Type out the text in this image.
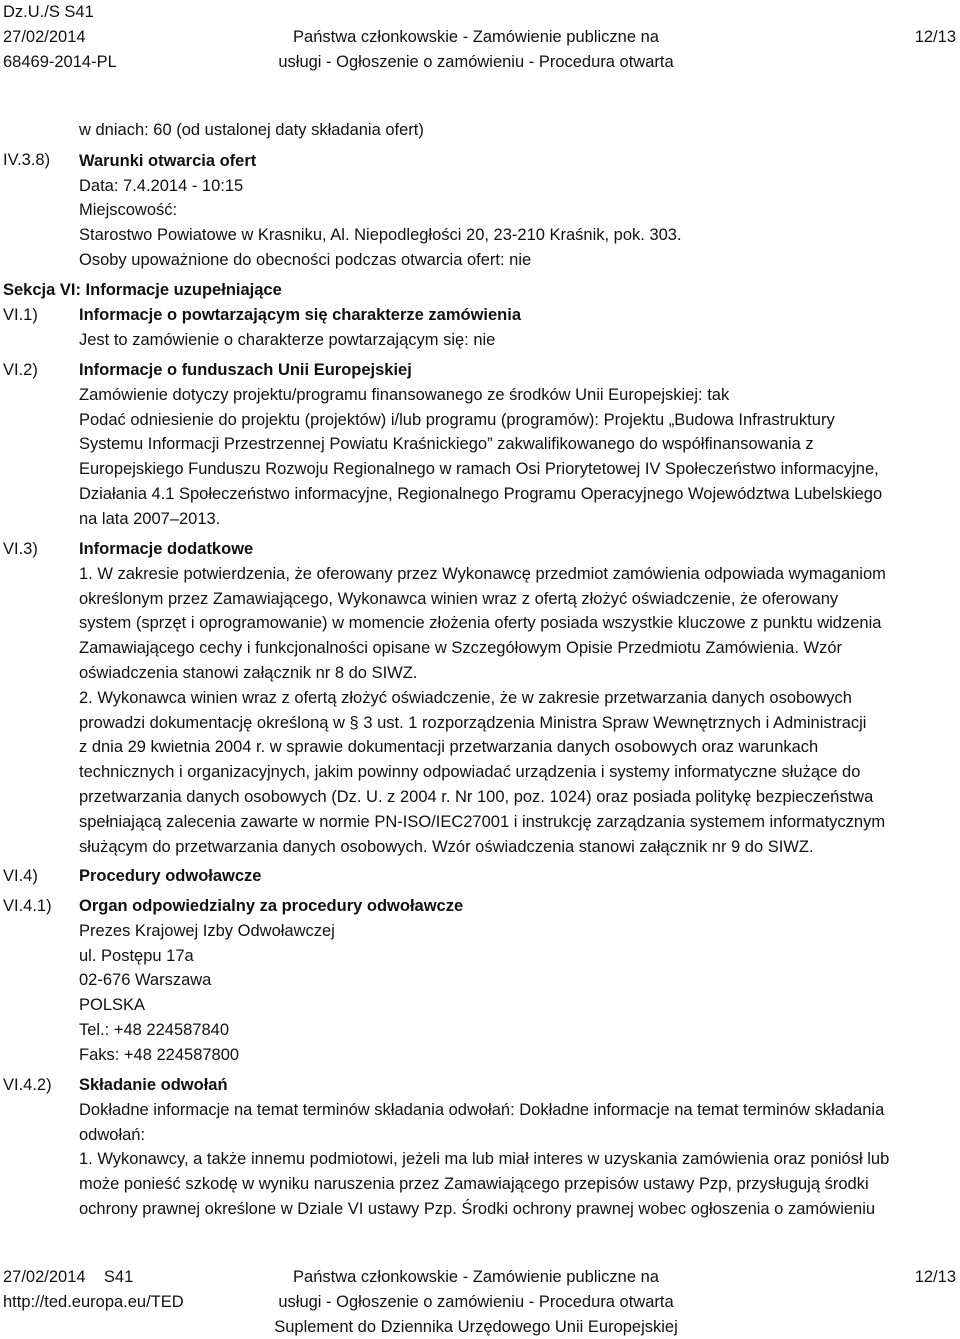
Dz.U./S S41
27/02/2014
68469-2014-PL
Państwa członkowskie - Zamówienie publiczne na
usługi - Ogłoszenie o zamówieniu - Procedura otwarta
12/13
IV.3.8)
VI.1)
VI.2)
VI.3)
VI.4)
VI.4.1)
VI.4.2)
w dniach: 60 (od ustalonej daty składania ofert)
Warunki otwarcia ofert
Data: 7.4.2014 - 10:15
Miejscowość:
Starostwo Powiatowe w Krasniku, Al. Niepodległości 20, 23-210 Kraśnik, pok. 303.
Osoby upoważnione do obecności podczas otwarcia ofert: nie
Sekcja VI: Informacje uzupełniające
Informacje o powtarzającym się charakterze zamówienia
Jest to zamówienie o charakterze powtarzającym się: nie
Informacje o funduszach Unii Europejskiej
Zamówienie dotyczy projektu/programu finansowanego ze środków Unii Europejskiej: tak
Podać odniesienie do projektu (projektów) i/lub programu (programów): Projektu „Budowa Infrastruktury
Systemu Informacji Przestrzennej Powiatu Kraśnickiego” zakwalifikowanego do współfinansowania z
Europejskiego Funduszu Rozwoju Regionalnego w ramach Osi Priorytetowej IV Społeczeństwo informacyjne,
Działania 4.1 Społeczeństwo informacyjne, Regionalnego Programu Operacyjnego Województwa Lubelskiego
na lata 2007–2013.
Informacje dodatkowe
1. W zakresie potwierdzenia, że oferowany przez Wykonawcę przedmiot zamówienia odpowiada wymaganiom
określonym przez Zamawiającego, Wykonawca winien wraz z ofertą złożyć oświadczenie, że oferowany
system (sprzęt i oprogramowanie) w momencie złożenia oferty posiada wszystkie kluczowe z punktu widzenia
Zamawiającego cechy i funkcjonalności opisane w Szczegółowym Opisie Przedmiotu Zamówienia. Wzór
oświadczenia stanowi załącznik nr 8 do SIWZ.
2. Wykonawca winien wraz z ofertą złożyć oświadczenie, że w zakresie przetwarzania danych osobowych
prowadzi dokumentację określoną w § 3 ust. 1 rozporządzenia Ministra Spraw Wewnętrznych i Administracji
z dnia 29 kwietnia 2004 r. w sprawie dokumentacji przetwarzania danych osobowych oraz warunkach
technicznych i organizacyjnych, jakim powinny odpowiadać urządzenia i systemy informatyczne służące do
przetwarzania danych osobowych (Dz. U. z 2004 r. Nr 100, poz. 1024) oraz posiada politykę bezpieczeństwa
spełniającą zalecenia zawarte w normie PN-ISO/IEC27001 i instrukcję zarządzania systemem informatycznym
służącym do przetwarzania danych osobowych. Wzór oświadczenia stanowi załącznik nr 9 do SIWZ.
Procedury odwoławcze
Organ odpowiedzialny za procedury odwoławcze
Prezes Krajowej Izby Odwoławczej
ul. Postępu 17a
02-676 Warszawa
POLSKA
Tel.: +48 224587840
Faks: +48 224587800
Składanie odwołań
Dokładne informacje na temat terminów składania odwołań: Dokładne informacje na temat terminów składania
odwołań:
1. Wykonawcy, a także innemu podmiotowi, jeżeli ma lub miał interes w uzyskania zamówienia oraz poniósł lub
może ponieść szkodę w wyniku naruszenia przez Zamawiającego przepisów ustawy Pzp, przysługują środki
ochrony prawnej określone w Dziale VI ustawy Pzp. Środki ochrony prawnej wobec ogłoszenia o zamówieniu
27/02/2014    S41
http://ted.europa.eu/TED
Państwa członkowskie - Zamówienie publiczne na
usługi - Ogłoszenie o zamówieniu - Procedura otwarta
Suplement do Dziennika Urzędowego Unii Europejskiej
12/13
